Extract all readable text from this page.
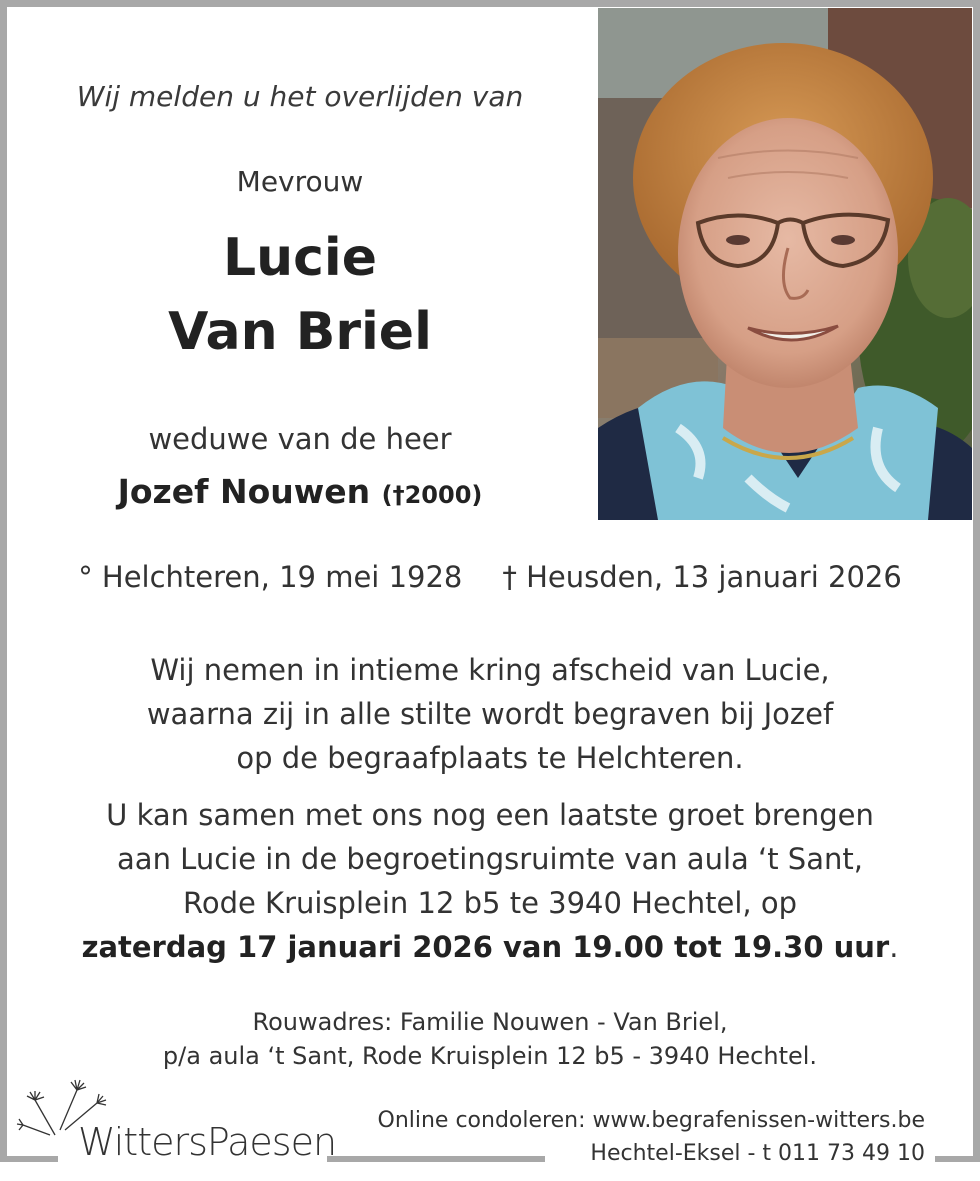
Wij melden u het overlijden van
Mevrouw
Lucie
Van Briel
weduwe van de heer
Jozef Nouwen (†2000)
° Helchteren, 19 mei 1928 † Heusden, 13 januari 2026
Wij nemen in intieme kring afscheid van Lucie,
waarna zij in alle stilte wordt begraven bij Jozef
op de begraafplaats te Helchteren.
U kan samen met ons nog een laatste groet brengen
aan Lucie in de begroetingsruimte van aula ‘t Sant,
Rode Kruisplein 12 b5 te 3940 Hechtel, op
zaterdag 17 januari 2026 van 19.00 tot 19.30 uur.
Rouwadres: Familie Nouwen - Van Briel,
p/a aula ‘t Sant, Rode Kruisplein 12 b5 - 3940 Hechtel.
WittersPaesen Online condoleren: www.begrafenissen-witters.be
Hechtel-Eksel - t 011 73 49 10
